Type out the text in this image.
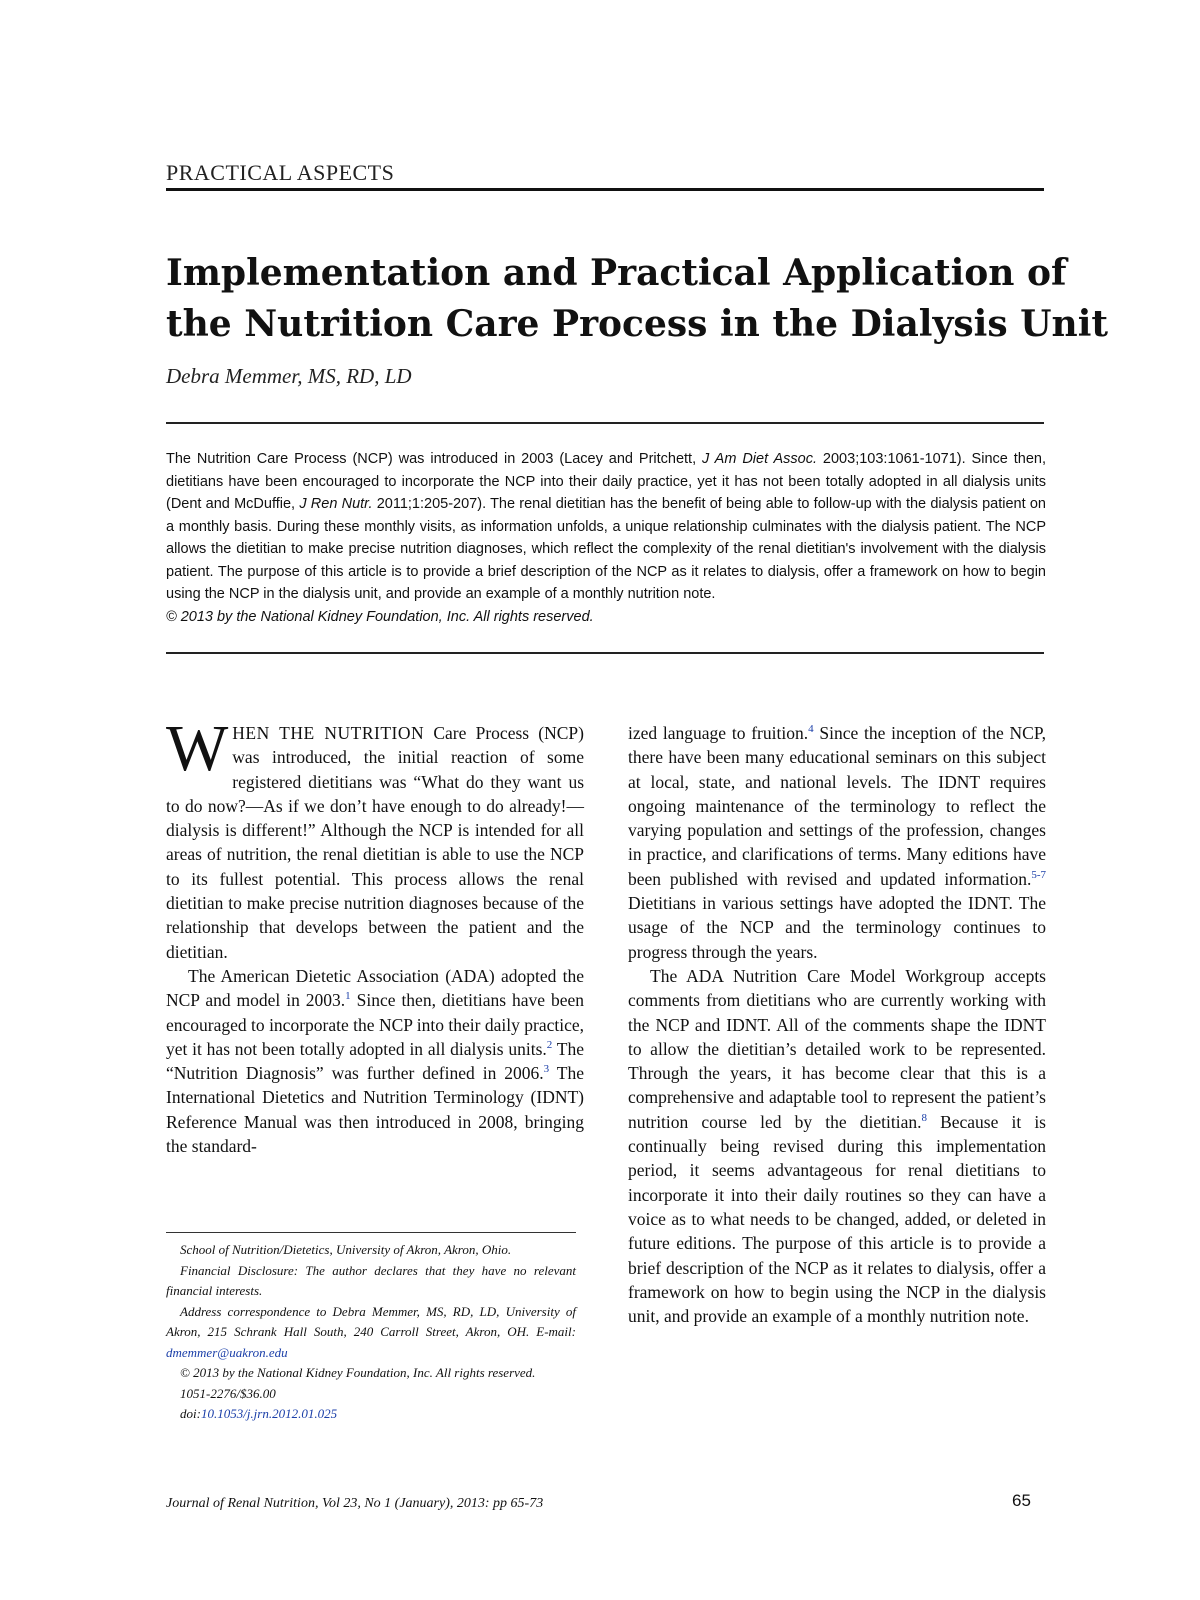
PRACTICAL ASPECTS
Implementation and Practical Application of
the Nutrition Care Process in the Dialysis Unit
Debra Memmer, MS, RD, LD
The Nutrition Care Process (NCP) was introduced in 2003 (Lacey and Pritchett, J Am Diet Assoc. 2003;103:1061-1071). Since then, dietitians have been encouraged to incorporate the NCP into their daily practice, yet it has not been totally adopted in all dialysis units (Dent and McDuffie, J Ren Nutr. 2011;1:205-207). The renal dietitian has the benefit of being able to follow-up with the dialysis patient on a monthly basis. During these monthly visits, as information unfolds, a unique relationship culminates with the dialysis patient. The NCP allows the dietitian to make precise nutrition diagnoses, which reflect the complexity of the renal dietitian's involvement with the dialysis patient. The purpose of this article is to provide a brief description of the NCP as it relates to dialysis, offer a framework on how to begin using the NCP in the dialysis unit, and provide an example of a monthly nutrition note.
© 2013 by the National Kidney Foundation, Inc. All rights reserved.

WHEN THE NUTRITION Care Process (NCP) was introduced, the initial reaction of some registered dietitians was “What do they want us to do now?—As if we don’t have enough to do already!—dialysis is different!” Although the NCP is intended for all areas of nutrition, the renal dietitian is able to use the NCP to its fullest potential. This process allows the renal dietitian to make precise nutrition diagnoses because of the relationship that develops between the patient and the dietitian.

The American Dietetic Association (ADA) adopted the NCP and model in 2003.$^1$ Since then, dietitians have been encouraged to incorporate the NCP into their daily practice, yet it has not been totally adopted in all dialysis units.$^2$ The “Nutrition Diagnosis” was further defined in 2006.$^3$ The International Dietetics and Nutrition Terminology (IDNT) Reference Manual was then introduced in 2008, bringing the standard-

School of Nutrition/Dietetics, University of Akron, Akron, Ohio.

Financial Disclosure: The author declares that they have no relevant financial interests.

Address correspondence to Debra Memmer, MS, RD, LD, University of Akron, 215 Schrank Hall South, 240 Carroll Street, Akron, OH. E-mail: dmemmer@uakron.edu

© 2013 by the National Kidney Foundation, Inc. All rights reserved.

1051-2276/$36.00

doi:10.1053/j.jrn.2012.01.025

ized language to fruition.$^4$ Since the inception of the NCP, there have been many educational seminars on this subject at local, state, and national levels. The IDNT requires ongoing maintenance of the terminology to reflect the varying population and settings of the profession, changes in practice, and clarifications of terms. Many editions have been published with revised and updated information.$^{5-7}$ Dietitians in various settings have adopted the IDNT. The usage of the NCP and the terminology continues to progress through the years.

The ADA Nutrition Care Model Workgroup accepts comments from dietitians who are currently working with the NCP and IDNT. All of the comments shape the IDNT to allow the dietitian’s detailed work to be represented. Through the years, it has become clear that this is a comprehensive and adaptable tool to represent the patient’s nutrition course led by the dietitian.$^8$ Because it is continually being revised during this implementation period, it seems advantageous for renal dietitians to incorporate it into their daily routines so they can have a voice as to what needs to be changed, added, or deleted in future editions. The purpose of this article is to provide a brief description of the NCP as it relates to dialysis, offer a framework on how to begin using the NCP in the dialysis unit, and provide an example of a monthly nutrition note.

Journal of Renal Nutrition, Vol 23, No 1 (January), 2013: pp 65-73	65
